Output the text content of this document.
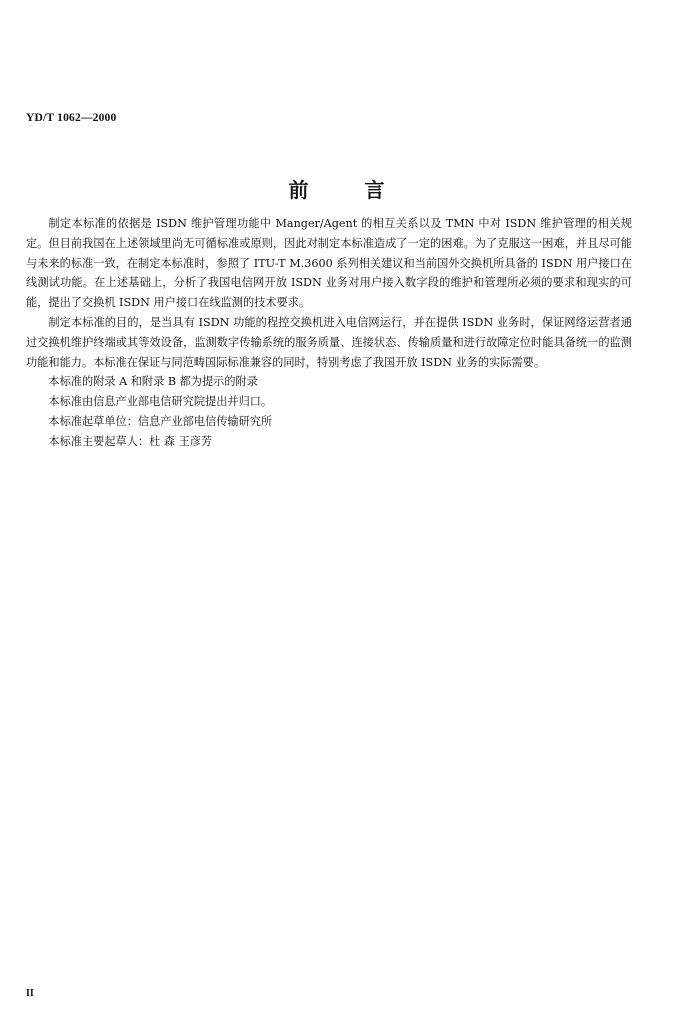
YD/T 1062—2000
前言

制定本标准的依据是 ISDN 维护管理功能中 Manger/Agent 的相互关系以及 TMN 中对 ISDN 维护管理的相关规定。但目前我国在上述领域里尚无可循标准或原则，因此对制定本标准造成了一定的困难。为了克服这一困难，并且尽可能与未来的标准一致，在制定本标准时，参照了 ITU-T M.3600 系列相关建议和当前国外交换机所具备的 ISDN 用户接口在线测试功能。在上述基础上，分析了我国电信网开放 ISDN 业务对用户接入数字段的维护和管理所必须的要求和现实的可能，提出了交换机 ISDN 用户接口在线监测的技术要求。

制定本标准的目的，是当具有 ISDN 功能的程控交换机进入电信网运行，并在提供 ISDN 业务时，保证网络运营者通过交换机维护终端或其等效设备，监测数字传输系统的服务质量、连接状态、传输质量和进行故障定位时能具备统一的监测功能和能力。本标准在保证与同范畴国际标准兼容的同时，特别考虑了我国开放 ISDN 业务的实际需要。

本标准的附录 A 和附录 B 都为提示的附录

本标准由信息产业部电信研究院提出并归口。

本标准起草单位：信息产业部电信传输研究所

本标准主要起草人：杜 森 王彦芳

II
